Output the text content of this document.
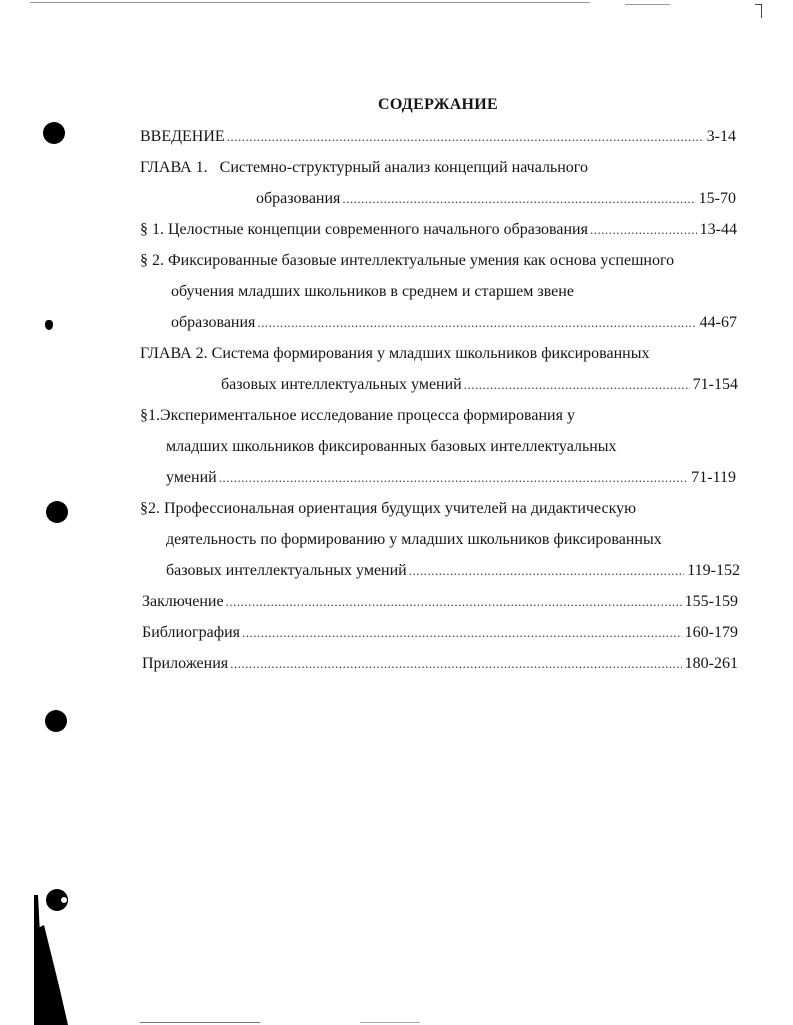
СОДЕРЖАНИЕ
ВВЕДЕНИЕ .....	3-14
ГЛАВА 1.   Системно-структурный анализ концепций начального
образования .....	15-70
§ 1. Целостные концепции современного начального образования .....	13-44
§ 2. Фиксированные базовые интеллектуальные умения как основа успешного
обучения младших школьников в среднем и старшем звене
образования .....	44-67
ГЛАВА 2. Система формирования у младших школьников фиксированных
базовых интеллектуальных умений .....	71-154
§1.Экспериментальное исследование процесса формирования у
младших школьников фиксированных базовых интеллектуальных
умений .....	71-119
§2. Профессиональная ориентация будущих учителей на дидактическую
деятельность по формированию у младших школьников фиксированных
базовых интеллектуальных умений .....	119-152
Заключение .....	155-159
Библиография .....	160-179
Приложения .....	180-261
